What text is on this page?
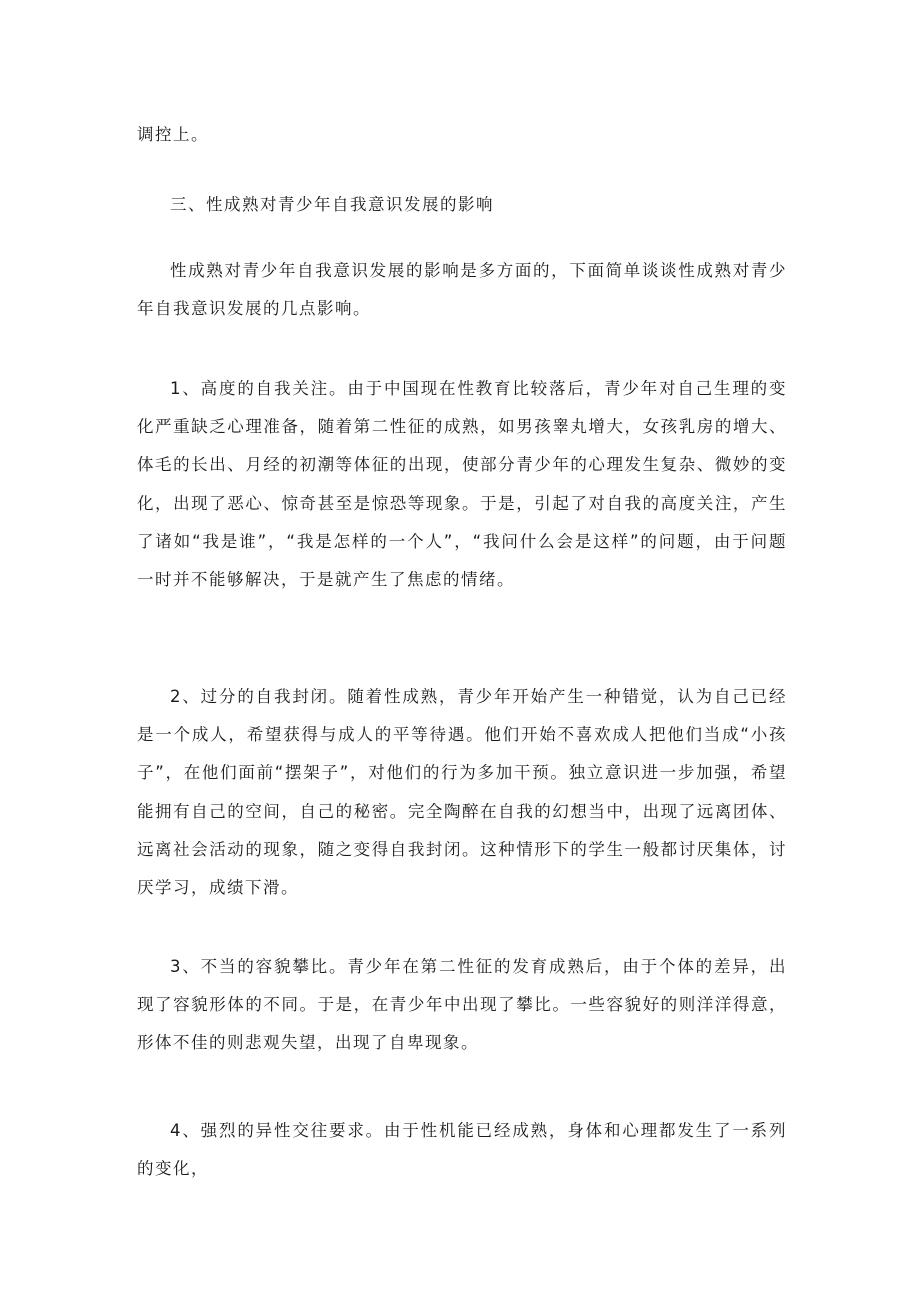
调控上。

三、性成熟对青少年自我意识发展的影响

性成熟对青少年自我意识发展的影响是多方面的，下面简单谈谈性成熟对青少年自我意识发展的几点影响。

1、高度的自我关注。由于中国现在性教育比较落后，青少年对自己生理的变化严重缺乏心理准备，随着第二性征的成熟，如男孩睾丸增大，女孩乳房的增大、体毛的长出、月经的初潮等体征的出现，使部分青少年的心理发生复杂、微妙的变化，出现了恶心、惊奇甚至是惊恐等现象。于是，引起了对自我的高度关注，产生了诸如“我是谁”，“我是怎样的一个人”，“我问什么会是这样”的问题，由于问题一时并不能够解决，于是就产生了焦虑的情绪。

2、过分的自我封闭。随着性成熟，青少年开始产生一种错觉，认为自己已经是一个成人，希望获得与成人的平等待遇。他们开始不喜欢成人把他们当成“小孩子”，在他们面前“摆架子”，对他们的行为多加干预。独立意识进一步加强，希望能拥有自己的空间，自己的秘密。完全陶醉在自我的幻想当中，出现了远离团体、远离社会活动的现象，随之变得自我封闭。这种情形下的学生一般都讨厌集体，讨厌学习，成绩下滑。

3、不当的容貌攀比。青少年在第二性征的发育成熟后，由于个体的差异，出现了容貌形体的不同。于是，在青少年中出现了攀比。一些容貌好的则洋洋得意，形体不佳的则悲观失望，出现了自卑现象。

4、强烈的异性交往要求。由于性机能已经成熟，身体和心理都发生了一系列的变化，
